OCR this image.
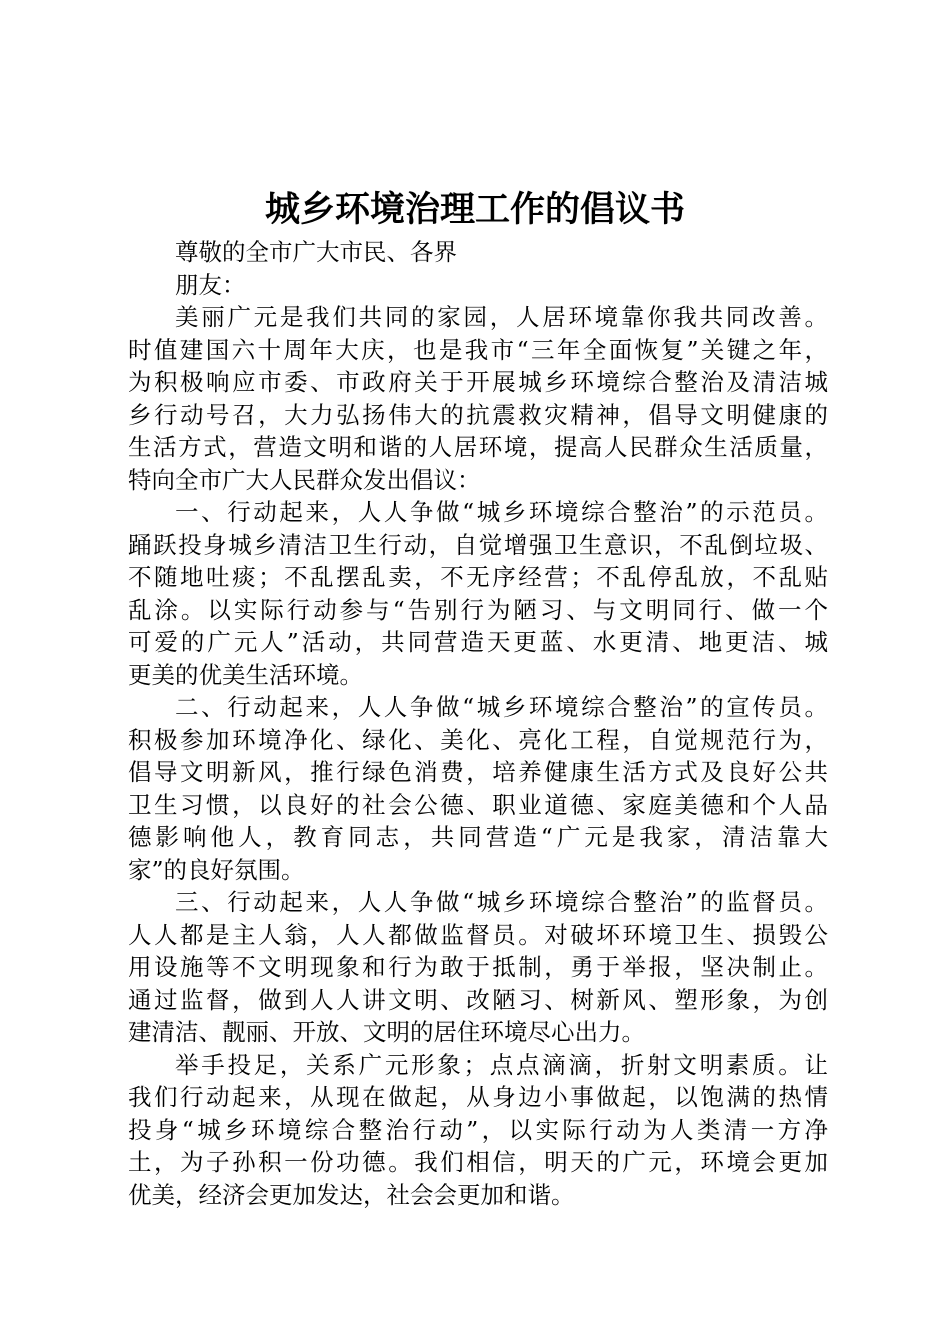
城乡环境治理工作的倡议书
尊敬的全市广大市民、各界
朋友：
美丽广元是我们共同的家园，人居环境靠你我共同改善。
时值建国六十周年大庆，也是我市“三年全面恢复”关键之年，
为积极响应市委、市政府关于开展城乡环境综合整治及清洁城
乡行动号召，大力弘扬伟大的抗震救灾精神，倡导文明健康的
生活方式，营造文明和谐的人居环境，提高人民群众生活质量，
特向全市广大人民群众发出倡议：
一、行动起来，人人争做“城乡环境综合整治”的示范员。
踊跃投身城乡清洁卫生行动，自觉增强卫生意识，不乱倒垃圾、
不随地吐痰；不乱摆乱卖，不无序经营；不乱停乱放，不乱贴
乱涂。以实际行动参与“告别行为陋习、与文明同行、做一个
可爱的广元人”活动，共同营造天更蓝、水更清、地更洁、城
更美的优美生活环境。
二、行动起来，人人争做“城乡环境综合整治”的宣传员。
积极参加环境净化、绿化、美化、亮化工程，自觉规范行为，
倡导文明新风，推行绿色消费，培养健康生活方式及良好公共
卫生习惯，以良好的社会公德、职业道德、家庭美德和个人品
德影响他人，教育同志，共同营造“广元是我家，清洁靠大
家”的良好氛围。
三、行动起来，人人争做“城乡环境综合整治”的监督员。
人人都是主人翁，人人都做监督员。对破坏环境卫生、损毁公
用设施等不文明现象和行为敢于抵制，勇于举报，坚决制止。
通过监督，做到人人讲文明、改陋习、树新风、塑形象，为创
建清洁、靓丽、开放、文明的居住环境尽心出力。
举手投足，关系广元形象；点点滴滴，折射文明素质。让
我们行动起来，从现在做起，从身边小事做起，以饱满的热情
投身“城乡环境综合整治行动”，以实际行动为人类清一方净
土，为子孙积一份功德。我们相信，明天的广元，环境会更加
优美，经济会更加发达，社会会更加和谐。
